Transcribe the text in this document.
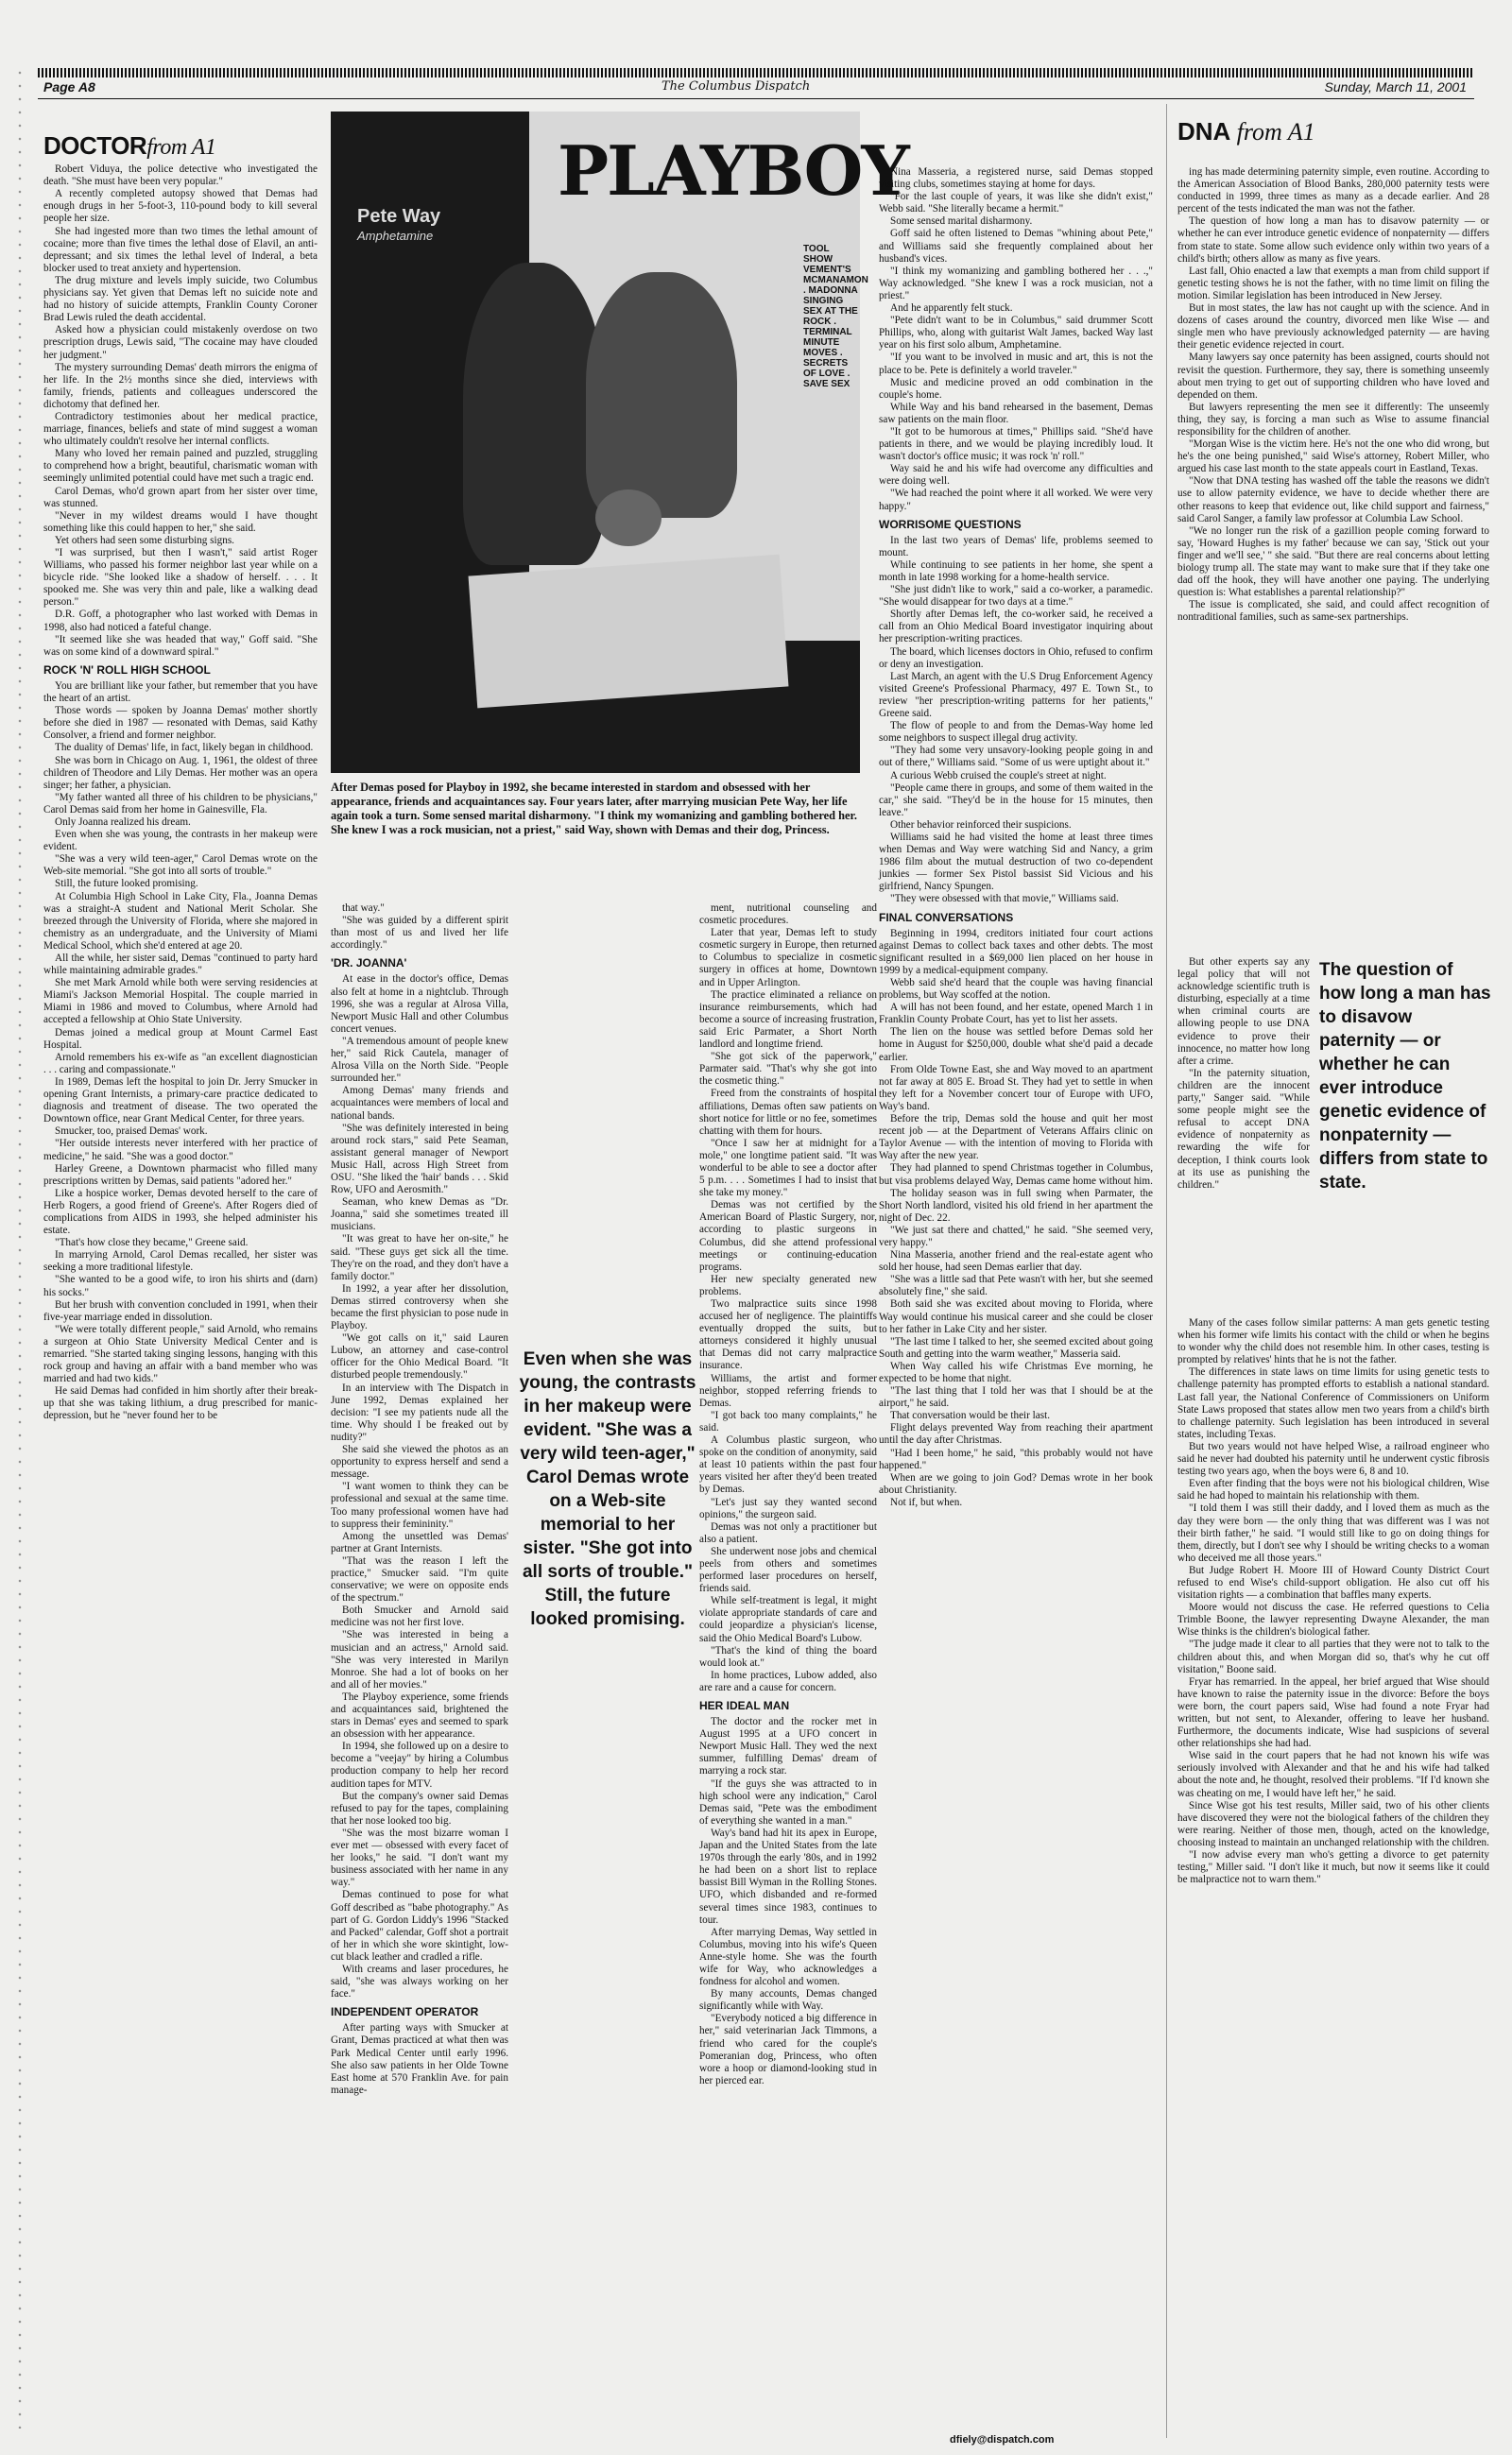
Page A8	The Columbus Dispatch	Sunday, March 11, 2001
DOCTORfrom A1

Robert Viduya, the police detective who investigated the death. "She must have been very popular."

A recently completed autopsy showed that Demas had enough drugs in her 5-foot-3, 110-pound body to kill several people her size.

She had ingested more than two times the lethal amount of cocaine; more than five times the lethal dose of Elavil, an anti-depressant; and six times the lethal level of Inderal, a beta blocker used to treat anxiety and hypertension.

The drug mixture and levels imply suicide, two Columbus physicians say. Yet given that Demas left no suicide note and had no history of suicide attempts, Franklin County Coroner Brad Lewis ruled the death accidental.

Asked how a physician could mistakenly overdose on two prescription drugs, Lewis said, "The cocaine may have clouded her judgment."

The mystery surrounding Demas' death mirrors the enigma of her life. In the 2½ months since she died, interviews with family, friends, patients and colleagues underscored the dichotomy that defined her.

Contradictory testimonies about her medical practice, marriage, finances, beliefs and state of mind suggest a woman who ultimately couldn't resolve her internal conflicts.

Many who loved her remain pained and puzzled, struggling to comprehend how a bright, beautiful, charismatic woman with seemingly unlimited potential could have met such a tragic end.

Carol Demas, who'd grown apart from her sister over time, was stunned.

"Never in my wildest dreams would I have thought something like this could happen to her," she said.

Yet others had seen some disturbing signs.

"I was surprised, but then I wasn't," said artist Roger Williams, who passed his former neighbor last year while on a bicycle ride. "She looked like a shadow of herself. . . . It spooked me. She was very thin and pale, like a walking dead person."

D.R. Goff, a photographer who last worked with Demas in 1998, also had noticed a fateful change.

"It seemed like she was headed that way," Goff said. "She was on some kind of a downward spiral."

ROCK 'N' ROLL HIGH SCHOOL

You are brilliant like your father, but remember that you have the heart of an artist.

Those words — spoken by Joanna Demas' mother shortly before she died in 1987 — resonated with Demas, said Kathy Consolver, a friend and former neighbor.

The duality of Demas' life, in fact, likely began in childhood.

She was born in Chicago on Aug. 1, 1961, the oldest of three children of Theodore and Lily Demas. Her mother was an opera singer; her father, a physician.

"My father wanted all three of his children to be physicians," Carol Demas said from her home in Gainesville, Fla.

Only Joanna realized his dream.

Even when she was young, the contrasts in her makeup were evident.

"She was a very wild teen-ager," Carol Demas wrote on the Web-site memorial. "She got into all sorts of trouble."

Still, the future looked promising.

At Columbia High School in Lake City, Fla., Joanna Demas was a straight-A student and National Merit Scholar. She breezed through the University of Florida, where she majored in chemistry as an undergraduate, and the University of Miami Medical School, which she'd entered at age 20.

All the while, her sister said, Demas "continued to party hard while maintaining admirable grades."

She met Mark Arnold while both were serving residencies at Miami's Jackson Memorial Hospital. The couple married in Miami in 1986 and moved to Columbus, where Arnold had accepted a fellowship at Ohio State University.

Demas joined a medical group at Mount Carmel East Hospital.

Arnold remembers his ex-wife as "an excellent diagnostician . . . caring and compassionate."

In 1989, Demas left the hospital to join Dr. Jerry Smucker in opening Grant Internists, a primary-care practice dedicated to diagnosis and treatment of disease. The two operated the Downtown office, near Grant Medical Center, for three years.

Smucker, too, praised Demas' work.

"Her outside interests never interfered with her practice of medicine," he said. "She was a good doctor."

Harley Greene, a Downtown pharmacist who filled many prescriptions written by Demas, said patients "adored her."

Like a hospice worker, Demas devoted herself to the care of Herb Rogers, a good friend of Greene's. After Rogers died of complications from AIDS in 1993, she helped administer his estate.

"That's how close they became," Greene said.

In marrying Arnold, Carol Demas recalled, her sister was seeking a more traditional lifestyle.

"She wanted to be a good wife, to iron his shirts and (darn) his socks."

But her brush with convention concluded in 1991, when their five-year marriage ended in dissolution.

"We were totally different people," said Arnold, who remains a surgeon at Ohio State University Medical Center and is remarried. "She started taking singing lessons, hanging with this rock group and having an affair with a band member who was married and had two kids."

He said Demas had confided in him shortly after their break-up that she was taking lithium, a drug prescribed for manic-depression, but he "never found her to be

PLAYBOY
TOOL SHOW VEMENT'S MCMANAMON . MADONNA SINGING SEX AT THE ROCK . TERMINAL MINUTE MOVES . SECRETS OF LOVE . SAVE SEX
Pete Way
Amphetamine
After Demas posed for Playboy in 1992, she became interested in stardom and obsessed with her appearance, friends and acquaintances say. Four years later, after marrying musician Pete Way, her life again took a turn. Some sensed marital disharmony. "I think my womanizing and gambling bothered her. She knew I was a rock musician, not a priest," said Way, shown with Demas and their dog, Princess.

that way."

"She was guided by a different spirit than most of us and lived her life accordingly."

'DR. JOANNA'

At ease in the doctor's office, Demas also felt at home in a nightclub. Through 1996, she was a regular at Alrosa Villa, Newport Music Hall and other Columbus concert venues.

"A tremendous amount of people knew her," said Rick Cautela, manager of Alrosa Villa on the North Side. "People surrounded her."

Among Demas' many friends and acquaintances were members of local and national bands.

"She was definitely interested in being around rock stars," said Pete Seaman, assistant general manager of Newport Music Hall, across High Street from OSU. "She liked the 'hair' bands . . . Skid Row, UFO and Aerosmith."

Seaman, who knew Demas as "Dr. Joanna," said she sometimes treated ill musicians.

"It was great to have her on-site," he said. "These guys get sick all the time. They're on the road, and they don't have a family doctor."

In 1992, a year after her dissolution, Demas stirred controversy when she became the first physician to pose nude in Playboy.

"We got calls on it," said Lauren Lubow, an attorney and case-control officer for the Ohio Medical Board. "It disturbed people tremendously."

In an interview with The Dispatch in June 1992, Demas explained her decision: "I see my patients nude all the time. Why should I be freaked out by nudity?"

She said she viewed the photos as an opportunity to express herself and send a message.

"I want women to think they can be professional and sexual at the same time. Too many professional women have had to suppress their femininity."

Among the unsettled was Demas' partner at Grant Internists.

"That was the reason I left the practice," Smucker said. "I'm quite conservative; we were on opposite ends of the spectrum."

Both Smucker and Arnold said medicine was not her first love.

"She was interested in being a musician and an actress," Arnold said. "She was very interested in Marilyn Monroe. She had a lot of books on her and all of her movies."

The Playboy experience, some friends and acquaintances said, brightened the stars in Demas' eyes and seemed to spark an obsession with her appearance.

In 1994, she followed up on a desire to become a "veejay" by hiring a Columbus production company to help her record audition tapes for MTV.

But the company's owner said Demas refused to pay for the tapes, complaining that her nose looked too big.

"She was the most bizarre woman I ever met — obsessed with every facet of her looks," he said. "I don't want my business associated with her name in any way."

Demas continued to pose for what Goff described as "babe photography." As part of G. Gordon Liddy's 1996 "Stacked and Packed" calendar, Goff shot a portrait of her in which she wore skintight, low-cut black leather and cradled a rifle.

With creams and laser procedures, he said, "she was always working on her face."

INDEPENDENT OPERATOR

After parting ways with Smucker at Grant, Demas practiced at what then was Park Medical Center until early 1996. She also saw patients in her Olde Towne East home at 570 Franklin Ave. for pain manage-

Even when she was young, the contrasts in her makeup were evident. "She was a very wild teen-ager," Carol Demas wrote on a Web-site memorial to her sister. "She got into all sorts of trouble." Still, the future looked promising.

ment, nutritional counseling and cosmetic procedures.

Later that year, Demas left to study cosmetic surgery in Europe, then returned to Columbus to specialize in cosmetic surgery in offices at home, Downtown and in Upper Arlington.

The practice eliminated a reliance on insurance reimbursements, which had become a source of increasing frustration, said Eric Parmater, a Short North landlord and longtime friend.

"She got sick of the paperwork," Parmater said. "That's why she got into the cosmetic thing."

Freed from the constraints of hospital affiliations, Demas often saw patients on short notice for little or no fee, sometimes chatting with them for hours.

"Once I saw her at midnight for a mole," one longtime patient said. "It was wonderful to be able to see a doctor after 5 p.m. . . . Sometimes I had to insist that she take my money."

Demas was not certified by the American Board of Plastic Surgery, nor, according to plastic surgeons in Columbus, did she attend professional meetings or continuing-education programs.

Her new specialty generated new problems.

Two malpractice suits since 1998 accused her of negligence. The plaintiffs eventually dropped the suits, but attorneys considered it highly unusual that Demas did not carry malpractice insurance.

Williams, the artist and former neighbor, stopped referring friends to Demas.

"I got back too many complaints," he said.

A Columbus plastic surgeon, who spoke on the condition of anonymity, said at least 10 patients within the past four years visited her after they'd been treated by Demas.

"Let's just say they wanted second opinions," the surgeon said.

Demas was not only a practitioner but also a patient.

She underwent nose jobs and chemical peels from others and sometimes performed laser procedures on herself, friends said.

While self-treatment is legal, it might violate appropriate standards of care and could jeopardize a physician's license, said the Ohio Medical Board's Lubow.

"That's the kind of thing the board would look at."

In home practices, Lubow added, also are rare and a cause for concern.

HER IDEAL MAN

The doctor and the rocker met in August 1995 at a UFO concert in Newport Music Hall. They wed the next summer, fulfilling Demas' dream of marrying a rock star.

"If the guys she was attracted to in high school were any indication," Carol Demas said, "Pete was the embodiment of everything she wanted in a man."

Way's band had hit its apex in Europe, Japan and the United States from the late 1970s through the early '80s, and in 1992 he had been on a short list to replace bassist Bill Wyman in the Rolling Stones. UFO, which disbanded and re-formed several times since 1983, continues to tour.

After marrying Demas, Way settled in Columbus, moving into his wife's Queen Anne-style home. She was the fourth wife for Way, who acknowledges a fondness for alcohol and women.

By many accounts, Demas changed significantly while with Way.

"Everybody noticed a big difference in her," said veterinarian Jack Timmons, a friend who cared for the couple's Pomeranian dog, Princess, who often wore a hoop or diamond-looking stud in her pierced ear.

Nina Masseria, a registered nurse, said Demas stopped visiting clubs, sometimes staying at home for days.

"For the last couple of years, it was like she didn't exist," Webb said. "She literally became a hermit."

Some sensed marital disharmony.

Goff said he often listened to Demas "whining about Pete," and Williams said she frequently complained about her husband's vices.

"I think my womanizing and gambling bothered her . . .," Way acknowledged. "She knew I was a rock musician, not a priest."

And he apparently felt stuck.

"Pete didn't want to be in Columbus," said drummer Scott Phillips, who, along with guitarist Walt James, backed Way last year on his first solo album, Amphetamine.

"If you want to be involved in music and art, this is not the place to be. Pete is definitely a world traveler."

Music and medicine proved an odd combination in the couple's home.

While Way and his band rehearsed in the basement, Demas saw patients on the main floor.

"It got to be humorous at times," Phillips said. "She'd have patients in there, and we would be playing incredibly loud. It wasn't doctor's office music; it was rock 'n' roll."

Way said he and his wife had overcome any difficulties and were doing well.

"We had reached the point where it all worked. We were very happy."

WORRISOME QUESTIONS

In the last two years of Demas' life, problems seemed to mount.

While continuing to see patients in her home, she spent a month in late 1998 working for a home-health service.

"She just didn't like to work," said a co-worker, a paramedic. "She would disappear for two days at a time."

Shortly after Demas left, the co-worker said, he received a call from an Ohio Medical Board investigator inquiring about her prescription-writing practices.

The board, which licenses doctors in Ohio, refused to confirm or deny an investigation.

Last March, an agent with the U.S Drug Enforcement Agency visited Greene's Professional Pharmacy, 497 E. Town St., to review "her prescription-writing patterns for her patients," Greene said.

The flow of people to and from the Demas-Way home led some neighbors to suspect illegal drug activity.

"They had some very unsavory-looking people going in and out of there," Williams said. "Some of us were uptight about it."

A curious Webb cruised the couple's street at night.

"People came there in groups, and some of them waited in the car," she said. "They'd be in the house for 15 minutes, then leave."

Other behavior reinforced their suspicions.

Williams said he had visited the home at least three times when Demas and Way were watching Sid and Nancy, a grim 1986 film about the mutual destruction of two co-dependent junkies — former Sex Pistol bassist Sid Vicious and his girlfriend, Nancy Spungen.

"They were obsessed with that movie," Williams said.

FINAL CONVERSATIONS

Beginning in 1994, creditors initiated four court actions against Demas to collect back taxes and other debts. The most significant resulted in a $69,000 lien placed on her house in 1999 by a medical-equipment company.

Webb said she'd heard that the couple was having financial problems, but Way scoffed at the notion.

A will has not been found, and her estate, opened March 1 in Franklin County Probate Court, has yet to list her assets.

The lien on the house was settled before Demas sold her home in August for $250,000, double what she'd paid a decade earlier.

From Olde Towne East, she and Way moved to an apartment not far away at 805 E. Broad St. They had yet to settle in when they left for a November concert tour of Europe with UFO, Way's band.

Before the trip, Demas sold the house and quit her most recent job — at the Department of Veterans Affairs clinic on Taylor Avenue — with the intention of moving to Florida with Way after the new year.

They had planned to spend Christmas together in Columbus, but visa problems delayed Way, Demas came home without him.

The holiday season was in full swing when Parmater, the Short North landlord, visited his old friend in her apartment the night of Dec. 22.

"We just sat there and chatted," he said. "She seemed very, very happy."

Nina Masseria, another friend and the real-estate agent who sold her house, had seen Demas earlier that day.

"She was a little sad that Pete wasn't with her, but she seemed absolutely fine," she said.

Both said she was excited about moving to Florida, where Way would continue his musical career and she could be closer to her father in Lake City and her sister.

"The last time I talked to her, she seemed excited about going South and getting into the warm weather," Masseria said.

When Way called his wife Christmas Eve morning, he expected to be home that night.

"The last thing that I told her was that I should be at the airport," he said.

That conversation would be their last.

Flight delays prevented Way from reaching their apartment until the day after Christmas.

"Had I been home," he said, "this probably would not have happened."

When are we going to join God? Demas wrote in her book about Christianity.

Not if, but when.

dfiely@dispatch.com
DNA from A1

ing has made determining paternity simple, even routine. According to the American Association of Blood Banks, 280,000 paternity tests were conducted in 1999, three times as many as a decade earlier. And 28 percent of the tests indicated the man was not the father.

The question of how long a man has to disavow paternity — or whether he can ever introduce genetic evidence of nonpaternity — differs from state to state. Some allow such evidence only within two years of a child's birth; others allow as many as five years.

Last fall, Ohio enacted a law that exempts a man from child support if genetic testing shows he is not the father, with no time limit on filing the motion. Similar legislation has been introduced in New Jersey.

But in most states, the law has not caught up with the science. And in dozens of cases around the country, divorced men like Wise — and single men who have previously acknowledged paternity — are having their genetic evidence rejected in court.

Many lawyers say once paternity has been assigned, courts should not revisit the question. Furthermore, they say, there is something unseemly about men trying to get out of supporting children who have loved and depended on them.

But lawyers representing the men see it differently: The unseemly thing, they say, is forcing a man such as Wise to assume financial responsibility for the children of another.

"Morgan Wise is the victim here. He's not the one who did wrong, but he's the one being punished," said Wise's attorney, Robert Miller, who argued his case last month to the state appeals court in Eastland, Texas.

"Now that DNA testing has washed off the table the reasons we didn't use to allow paternity evidence, we have to decide whether there are other reasons to keep that evidence out, like child support and fairness," said Carol Sanger, a family law professor at Columbia Law School.

"We no longer run the risk of a gazillion people coming forward to say, 'Howard Hughes is my father' because we can say, 'Stick out your finger and we'll see,' " she said. "But there are real concerns about letting biology trump all. The state may want to make sure that if they take one dad off the hook, they will have another one paying. The underlying question is: What establishes a parental relationship?"

The issue is complicated, she said, and could affect recognition of nontraditional families, such as same-sex partnerships.

But other experts say any legal policy that will not acknowledge scientific truth is disturbing, especially at a time when criminal courts are allowing people to use DNA evidence to prove their innocence, no matter how long after a crime.

"In the paternity situation, children are the innocent party," Sanger said. "While some people might see the refusal to accept DNA evidence of nonpaternity as rewarding the wife for deception, I think courts look at its use as punishing the children."

The question of how long a man has to disavow paternity — or whether he can ever introduce genetic evidence of nonpaternity — differs from state to state.

Many of the cases follow similar patterns: A man gets genetic testing when his former wife limits his contact with the child or when he begins to wonder why the child does not resemble him. In other cases, testing is prompted by relatives' hints that he is not the father.

The differences in state laws on time limits for using genetic tests to challenge paternity has prompted efforts to establish a national standard. Last fall year, the National Conference of Commissioners on Uniform State Laws proposed that states allow men two years from a child's birth to challenge paternity. Such legislation has been introduced in several states, including Texas.

But two years would not have helped Wise, a railroad engineer who said he never had doubted his paternity until he underwent cystic fibrosis testing two years ago, when the boys were 6, 8 and 10.

Even after finding that the boys were not his biological children, Wise said he had hoped to maintain his relationship with them.

"I told them I was still their daddy, and I loved them as much as the day they were born — the only thing that was different was I was not their birth father," he said. "I would still like to go on doing things for them, directly, but I don't see why I should be writing checks to a woman who deceived me all those years."

But Judge Robert H. Moore III of Howard County District Court refused to end Wise's child-support obligation. He also cut off his visitation rights — a combination that baffles many experts.

Moore would not discuss the case. He referred questions to Celia Trimble Boone, the lawyer representing Dwayne Alexander, the man Wise thinks is the children's biological father.

"The judge made it clear to all parties that they were not to talk to the children about this, and when Morgan did so, that's why he cut off visitation," Boone said.

Fryar has remarried. In the appeal, her brief argued that Wise should have known to raise the paternity issue in the divorce: Before the boys were born, the court papers said, Wise had found a note Fryar had written, but not sent, to Alexander, offering to leave her husband. Furthermore, the documents indicate, Wise had suspicions of several other relationships she had had.

Wise said in the court papers that he had not known his wife was seriously involved with Alexander and that he and his wife had talked about the note and, he thought, resolved their problems. "If I'd known she was cheating on me, I would have left her," he said.

Since Wise got his test results, Miller said, two of his other clients have discovered they were not the biological fathers of the children they were rearing. Neither of those men, though, acted on the knowledge, choosing instead to maintain an unchanged relationship with the children.

"I now advise every man who's getting a divorce to get paternity testing," Miller said. "I don't like it much, but now it seems like it could be malpractice not to warn them."
